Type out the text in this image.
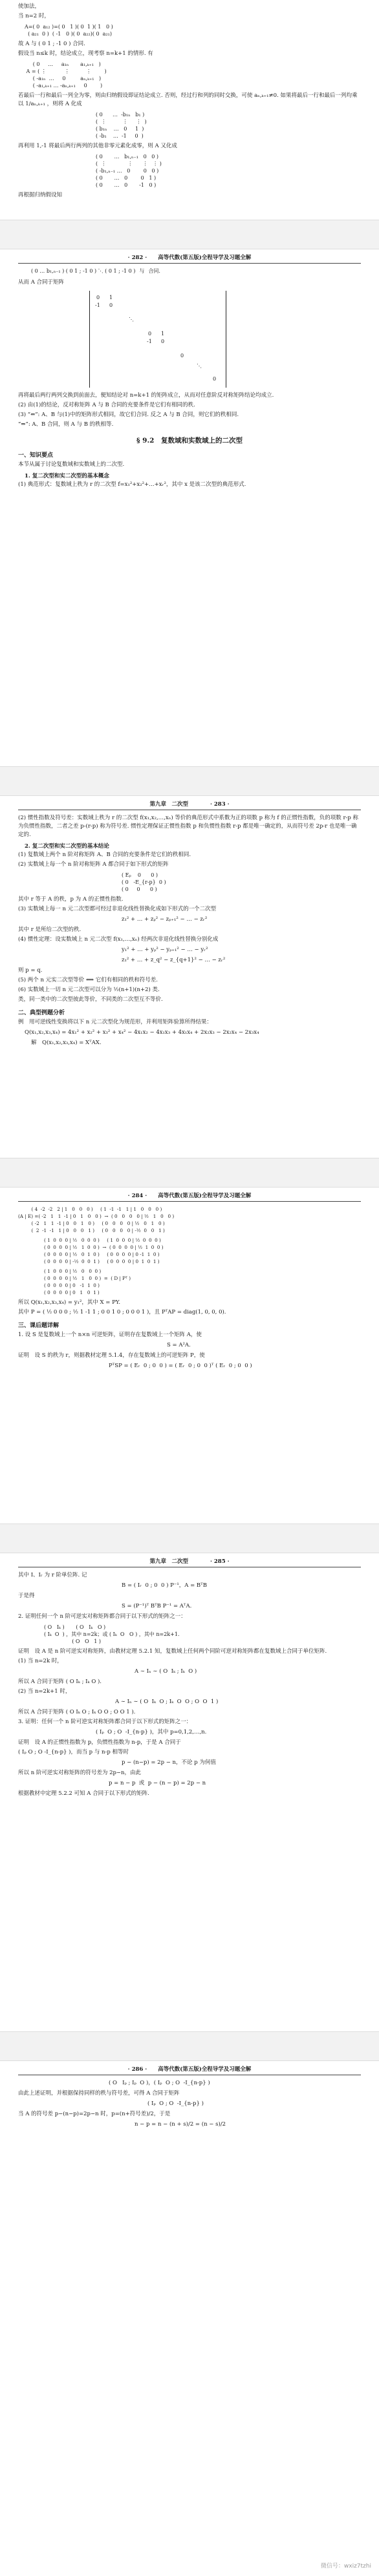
使加法，

当 n=2 时，

A=( 0  a₁₂ )=( 0   1 )( 0  1 )( 1   0 )
( a₂₁  0 )  ( -1   0 )( 0  a₂₂)( 0  a₂₁)

故 A 与 ( 0 1 ; -1 0 ) 合同.

假设当 n≤k 时，结论成立，现考察 n=k+1 的情形. 有

( 0     …     a₁ₙ       a₁,ₖ₊₁   )
A = ( ⋮           ⋮          ⋮        )
( -a₁ₙ  …     0         aₙ,ₖ₊₁   )
( -a₁,ₖ₊₁ … -aₙ,ₖ₊₁     0        )

若最后一行和最后一列全为零，则由归纳假设即证结论成立. 否则，经过行和列的同时交换，可使 aₙ,ₖ₊₁≠0. 如果将最后一行和最后一列均乘以 1/aₙ,ₖ₊₁ ，则将 A 化成

( 0      …  -b₁ₙ   b₁ )
(  ⋮          ⋮     ⋮  )
( b₁ₙ    …   0     1  )
( -b₁    …  -1     0  )

再利用 1,-1 将最后两行两列的其他非零元素化成零，则 A 又化成

( 0       …   b₁,ₙ₋₁   0   0 )
(  ⋮             ⋮      ⋮   ⋮ )
( -b₁,ₙ₋₁ …   0        0   0 )
( 0       …   0        0   1 )
( 0       …   0       -1   0 )

再根据归纳假设知

· 282 ·　　高等代数(第五版)全程导学及习题全解

( 0 … b₁,ₙ₋₁ ) ( 0 1 ; -1 0 ) ⋱ ( 0 1 ; -1 0 ) 与 合同.

从而 A 合同于矩阵

0 1
-1 0
⋱
0 1
-1 0
0
⋱
0

再将最后两行两列交换到前面去，便知结论对 n=k+1 的矩阵成立，从而对任意阶反对称矩阵结论均成立.

(2) 由(1)的结论，反对称矩阵 A 与 B 合同的充要条件是它们有相同的秩.

(3) “⇐”: A、B 与(1)中的矩阵形式相同，故它们合同. 反之 A 与 B 合同，则它们的秩相同.

“⇒”: A、B 合同，则 A 与 B 的秩相等.

§ 9.2　复数域和实数域上的二次型
一、知识要点

本节从属于讨论复数域和实数域上的二次型.

1. 复二次型和实二次型的基本概念

(1) 典范形式：复数域上秩为 r 的二次型 f=x₁²+x₂²+…+xᵣ²，其中 x 是该二次型的典范形式.

第九章　二次型　　　　· 283 ·

(2) 惯性指数及符号差：实数域上秩为 r 的二次型 f(x₁,x₂,…,xₙ) 等价的典范形式中系数为正的项数 p 称为 f 的正惯性指数，负的项数 r-p 称为负惯性指数，二者之差 p-(r-p) 称为符号差. 惯性定理保证正惯性指数 p 和负惯性指数 r-p 都是唯一确定的，从而符号差 2p-r 也是唯一确定的.

2. 复二次型和实二次型的基本结论

(1) 复数域上两个 n 阶对称矩阵 A、B 合同的充要条件是它们的秩相同.

(2) 实数域上每一个 n 阶对称矩阵 A 都合同于如下形式的矩阵

( Eₚ    0      0 )
( 0   -E_{r-p}  0 )
( 0     0      0 )

其中 r 等于 A 的秩，p 为 A 的正惯性指数.

(3) 实数域上每一 n 元二次型都可经过非退化线性替换化成如下形式的一个二次型

z₁² + … + zₚ² − zₚ₊₁² − … − zᵣ²

其中 r 是所给二次型的秩.

(4) 惯性定理：设实数域上 n 元二次型 f(x₁,…,xₙ) 经两次非退化线性替换分别化成

y₁² + … + yₚ² − yₚ₊₁² − … − yᵣ²
z₁² + … + z_q² − z_{q+1}² − … − zᵣ²

则 p = q.

(5) 两个 n 元实二次型等价 ⟺ 它们有相同的秩和符号差.

(6) 实数域上一切 n 元二次型可以分为 ½(n+1)(n+2) 类.

类，同一类中的二次型彼此等价，不同类的二次型互不等价.

二、典型例题分析

例　用可逆线性变换将以下 n 元二次型化为规范形，并利用矩阵验算所得结果：

Q(x₁,x₂,x₃,x₄) = 4x₁² + x₂² + x₃² + x₄² − 4x₁x₂ − 4x₁x₃ + 4x₁x₄ + 2x₂x₃ − 2x₂x₄ − 2x₃x₄
解　Q(x₁,x₂,x₃,x₄) = XᵀAX.

· 284 ·　　高等代数(第五版)全程导学及习题全解

( 4  -2  -2   2 | 1   0   0   0 )     ( 1  -1  -1   1 | 1   0   0   0 )
(A | E) =( -2   1   1  -1 | 0   1   0   0 )  →  ( 0   0   0   0 | ½   1   0   0 )
( -2   1   1  -1 | 0   0   1   0 )     ( 0   0   0   0 | ½   0   1   0 )
(  2  -1  -1   1 | 0   0   0   1 )     ( 0   0   0   0 | -½  0   0   1 )
( 1  0  0  0 | ½   0  0  0 )     ( 1  0  0  0 | ½  0  0  0 )
( 0  0  0  0 | ½   1  0  0 )  →  ( 0  0  0  0 | ½  1  0  0 )
( 0  0  0  0 | ½   0  1  0 )     ( 0  0  0  0 | 0 -1  1  0 )
( 0  0  0  0 | -½  0  0  1 )     ( 0  0  0  0 | 0  1  0  1 )
( 1  0  0  0 | ½   0   0  0 )
( 0  0  0  0 | ½   1   0  0 )  =  ( D | Pᵀ )
( 0  0  0  0 | 0   -1  1  0 )
( 0  0  0  0 | 0   1   0  1 )

所以 Q(x₁,x₂,x₃,x₄) = y₁²，其中 X = PY.

其中 P = ( ½ 0 0 0 ; ½ 1 -1 1 ; 0 0 1 0 ; 0 0 0 1 )，且 PᵀAP = diag(1, 0, 0, 0).

三、课后题详解

1. 设 S 是复数域上一个 n×n 可逆矩阵，证明存在复数域上一个矩阵 A，使

S = A²A.

证明　设 S 的秩为 r，则据教材定理 5.1.4，存在复数域上的可逆矩阵 P，使

PᵀSP = ( Eᵣ  0 ; 0  0 ) = ( Eᵣ  0 ; 0  0 )ᵀ ( Eᵣ  0 ; 0  0 )

第九章　二次型　　　　· 285 ·

其中 I、Iᵣ 为 r 阶单位阵. 记

B = ( Iᵣ  0 ; 0  0 ) P⁻¹，A = BᵀB

于是得

S = (P⁻¹)ᵀ BᵀB P⁻¹ = AᵀA.

2. 证明任何一个 n 阶可逆实对称矩阵都合同于以下形式的矩阵之一：

( O   Iₖ )       ( O   Iₖ   O )
( Iₖ  O  ) ，其中 n=2k；或 ( Iₖ  O   O ) ，其中 n=2k+1.
( O   O   1 )

证明　设 A 是 n 阶可逆实对称矩阵，由教材定理 5.2.1 知，复数域上任何两个同阶可逆对称矩阵都在复数域上合同于单位矩阵.

(1) 当 n=2k 时，

A ∼ Iₙ ∼ ( O  Iₖ ; Iₖ  O )

所以 A 合同于矩阵 ( O Iₖ ; Iₖ O ).

(2) 当 n=2k+1 时，

A ∼ Iₙ ∼ ( O  Iₖ  O ; Iₖ  O  O ; O  O  1 )

所以 A 合同于矩阵 ( O Iₖ O ; Iₖ O O ; O O 1 ).

3. 证明：任何一个 n 阶可逆实对称矩阵都合同于以下形式的矩阵之一：

( Iₚ  O ; O  -I_{n-p} )，其中 p=0,1,2,…,n.

证明　设 A 的正惯性指数为 p，负惯性指数为 n-p，于是 A 合同于

( Iₚ O ; O -I_{n-p} )，而当 p 与 n-p 相等时

p − (n−p) = 2p − n，不论 p 为何值

所以 n 阶可逆实对称矩阵的符号差为 2p−n，由此

p = n − p  或  p − (n − p) = 2p − n

根据教材中定理 5.2.2 可知 A 合同于以下形式的矩阵.

· 286 ·　　高等代数(第五版)全程导学及习题全解

( O   Iₚ ; Iₚ  O )，( Iₚ  O ; O  -I_{n-p} )

由此上述证明，并根据保持同样的秩与符号差，可得 A 合同于矩阵

( Iₚ  O ; O  -I_{n-p} )

当 A 的符号差 p−(n−p)=2p−n 时，p=(n+符号差)/2，于是

n − p = n − (n + s)/2 = (n − s)/2
微信号：wxiz7tzhi
